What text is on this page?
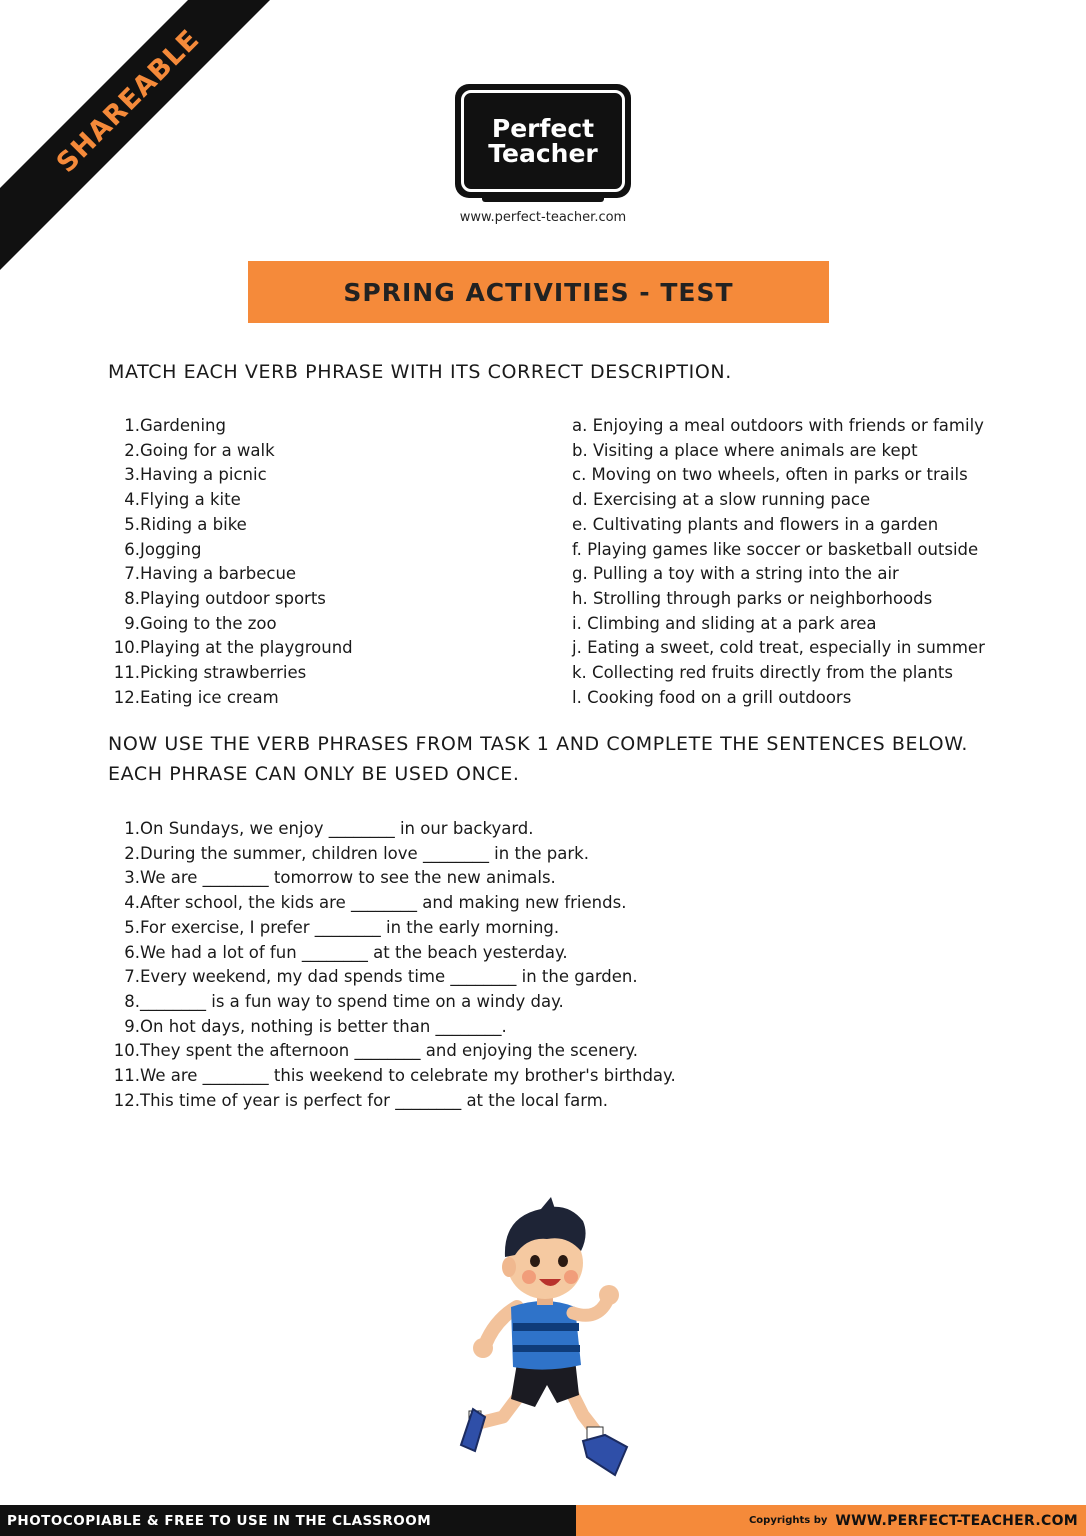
SHAREABLE	Perfect
Teacher
www.perfect-teacher.com
SPRING ACTIVITIES - TEST
MATCH EACH VERB PHRASE WITH ITS CORRECT DESCRIPTION.
1. Gardening
2. Going for a walk
3. Having a picnic
4. Flying a kite
5. Riding a bike
6. Jogging
7. Having a barbecue
8. Playing outdoor sports
9. Going to the zoo
10. Playing at the playground
11. Picking strawberries
12. Eating ice cream
a. Enjoying a meal outdoors with friends or family
b. Visiting a place where animals are kept
c. Moving on two wheels, often in parks or trails
d. Exercising at a slow running pace
e. Cultivating plants and flowers in a garden
f. Playing games like soccer or basketball outside
g. Pulling a toy with a string into the air
h. Strolling through parks or neighborhoods
i. Climbing and sliding at a park area
j. Eating a sweet, cold treat, especially in summer
k. Collecting red fruits directly from the plants
l. Cooking food on a grill outdoors
NOW USE THE VERB PHRASES FROM TASK 1 AND COMPLETE THE SENTENCES BELOW.
EACH PHRASE CAN ONLY BE USED ONCE.
1. On Sundays, we enjoy ________ in our backyard.
2. During the summer, children love ________ in the park.
3. We are ________ tomorrow to see the new animals.
4. After school, the kids are ________ and making new friends.
5. For exercise, I prefer ________ in the early morning.
6. We had a lot of fun ________ at the beach yesterday.
7. Every weekend, my dad spends time ________ in the garden.
8. ________ is a fun way to spend time on a windy day.
9. On hot days, nothing is better than ________.
10. They spent the afternoon ________ and enjoying the scenery.
11. We are ________ this weekend to celebrate my brother's birthday.
12. This time of year is perfect for ________ at the local farm.
PHOTOCOPIABLE & FREE TO USE IN THE CLASSROOM	Copyrights by WWW.PERFECT-TEACHER.COM
